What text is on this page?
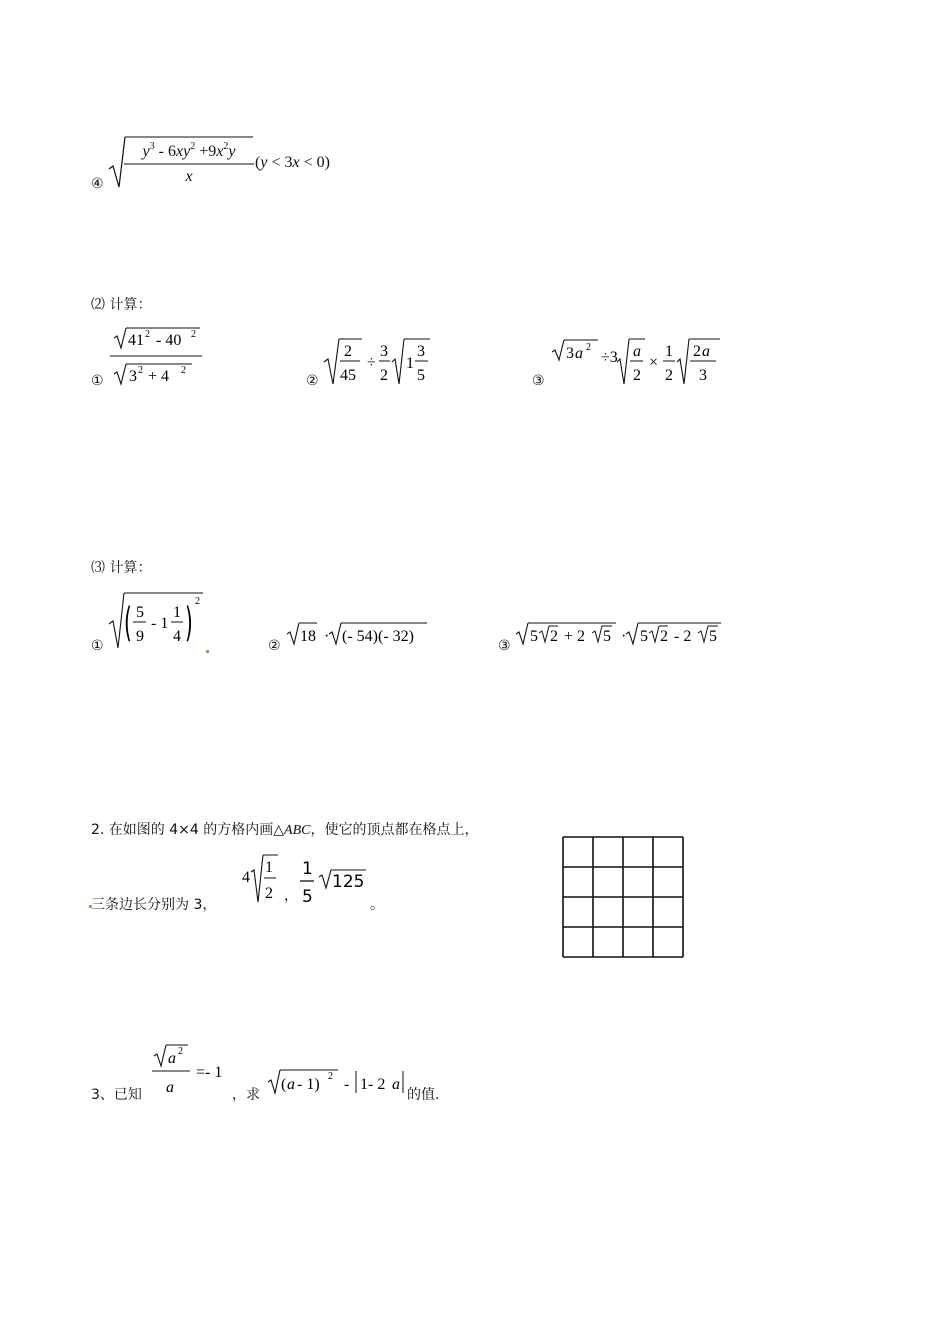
④
$y^3 - 6xy^2 +9x^2y$
x
(y < 3x < 0)
⑵ 计算：
①
41 2 - 40 2
3 2 + 4 2
②
2
45
÷
3
2
1
3
5	③
3 a 2
÷3 a
2
×
1
2
2 a
3
⑶ 计算：
① ( 5
9
- 1
1
4 ) 2
②
18 · (- 54)(- 32)
③
5 2 + 2 5 · 5 2 - 2 5
2. 在如图的 4×4 的方格内画△ABC，使它的顶点都在格点上，
三条边长分别为 3，
4
1
2 ，
1
5
125
。
3、已知
a 2
a
=- 1
，求
( a - 1) 2 - 1- 2 a
的值.
